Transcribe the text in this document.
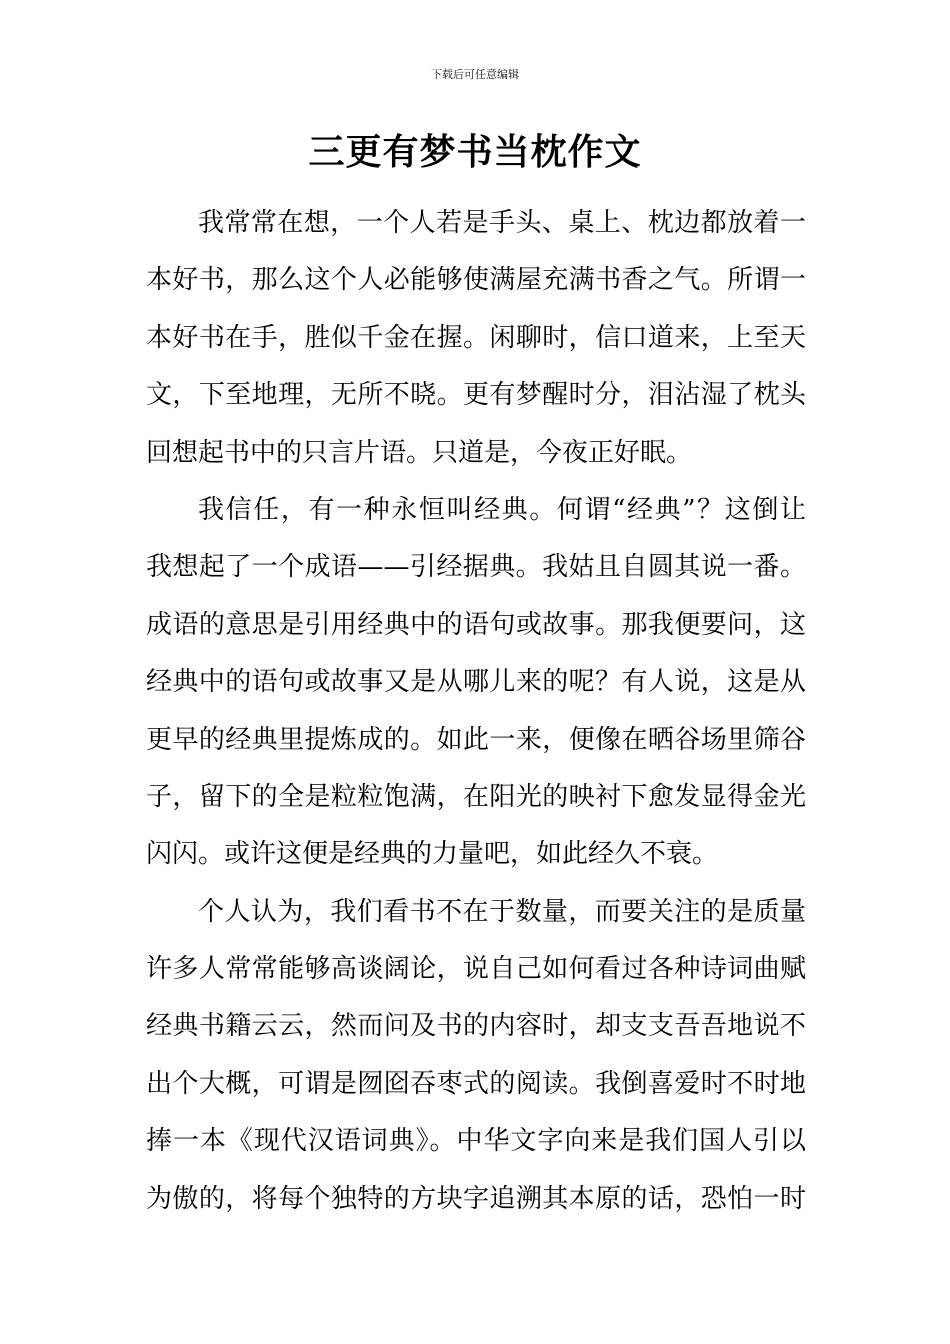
下载后可任意编辑
三更有梦书当枕作文
我常常在想，一个人若是手头、桌上、枕边都放着一
本好书，那么这个人必能够使满屋充满书香之气。所谓一
本好书在手，胜似千金在握。闲聊时，信口道来，上至天
文，下至地理，无所不晓。更有梦醒时分，泪沾湿了枕头
回想起书中的只言片语。只道是，今夜正好眠。
我信任，有一种永恒叫经典。何谓“经典”？这倒让
我想起了一个成语——引经据典。我姑且自圆其说一番。
成语的意思是引用经典中的语句或故事。那我便要问，这
经典中的语句或故事又是从哪儿来的呢？有人说，这是从
更早的经典里提炼成的。如此一来，便像在晒谷场里筛谷
子，留下的全是粒粒饱满，在阳光的映衬下愈发显得金光
闪闪。或许这便是经典的力量吧，如此经久不衰。
个人认为，我们看书不在于数量，而要关注的是质量
许多人常常能够高谈阔论，说自己如何看过各种诗词曲赋
经典书籍云云，然而问及书的内容时，却支支吾吾地说不
出个大概，可谓是囫囵吞枣式的阅读。我倒喜爱时不时地
捧一本《现代汉语词典》。中华文字向来是我们国人引以
为傲的，将每个独特的方块字追溯其本原的话，恐怕一时
